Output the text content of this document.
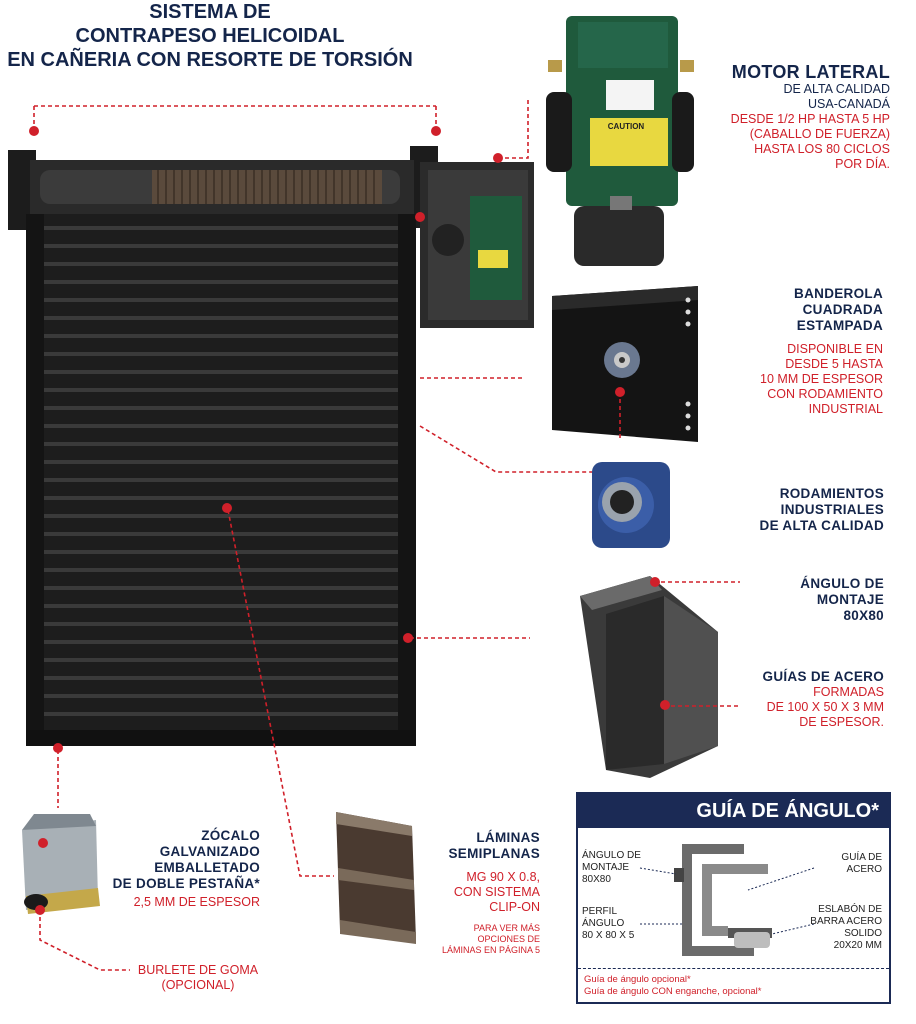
SISTEMA DE
CONTRAPESO HELICOIDAL
EN CAÑERIA CON RESORTE DE TORSIÓN
MOTOR LATERAL
DE ALTA CALIDAD
USA-CANADÁ
DESDE 1/2 HP HASTA 5 HP
(CABALLO DE FUERZA)
HASTA LOS 80 CICLOS
POR DÍA.
CAUTION
BANDEROLA
CUADRADA
ESTAMPADA
DISPONIBLE EN
DESDE 5 HASTA
10 MM DE ESPESOR
CON RODAMIENTO
INDUSTRIAL
RODAMIENTOS
INDUSTRIALES
DE ALTA CALIDAD
ÁNGULO DE
MONTAJE
80X80
GUÍAS DE ACERO
FORMADAS
DE 100 X 50 X 3 MM
DE ESPESOR.
ZÓCALO
GALVANIZADO
EMBALLETADO
DE DOBLE PESTAÑA*
2,5 MM DE ESPESOR
BURLETE DE GOMA
(OPCIONAL)
LÁMINAS
SEMIPLANAS
MG 90 X 0.8,
CON SISTEMA
CLIP-ON
PARA VER MÁS
OPCIONES DE
LÁMINAS EN PÁGINA 5
GUÍA DE ÁNGULO*
ÁNGULO DE
MONTAJE
80X80
PERFIL
ÁNGULO
80 X 80 X 5
GUÍA DE
ACERO
ESLABÓN DE
BARRA ACERO
SOLIDO
20X20 MM
Guía de ángulo opcional*
Guía de ángulo CON enganche, opcional*
